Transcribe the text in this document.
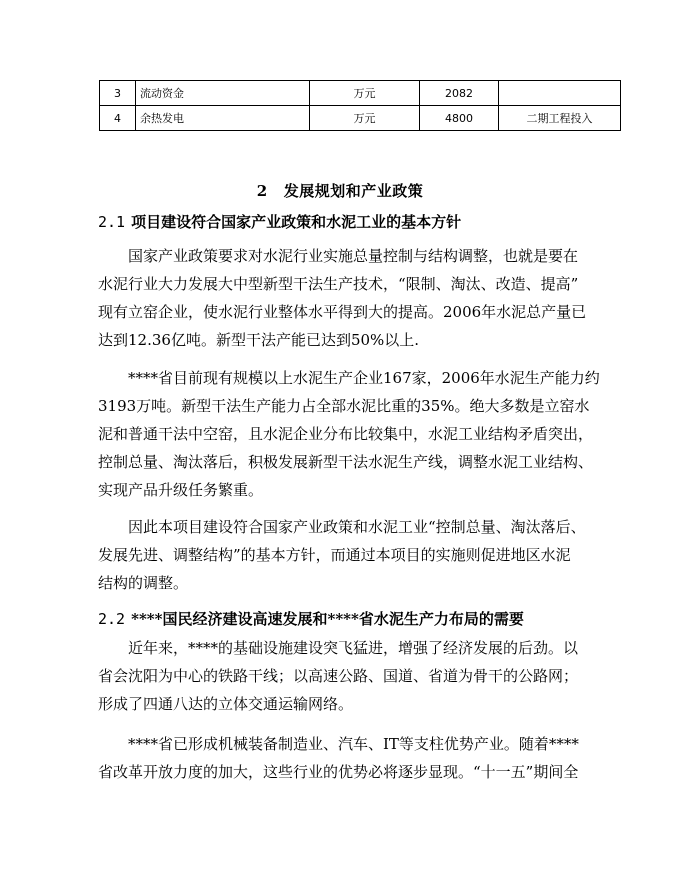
3	流动资金	万元	2082	
4	余热发电	万元	4800	二期工程投入
2 发展规划和产业政策
2.1 项目建设符合国家产业政策和水泥工业的基本方针
国家产业政策要求对水泥行业实施总量控制与结构调整，也就是要在
水泥行业大力发展大中型新型干法生产技术，“限制、淘汰、改造、提高”
现有立窑企业，使水泥行业整体水平得到大的提高。2006年水泥总产量已
达到12.36亿吨。新型干法产能已达到50%以上.
****省目前现有规模以上水泥生产企业167家，2006年水泥生产能力约
3193万吨。新型干法生产能力占全部水泥比重的35%。绝大多数是立窑水
泥和普通干法中空窑，且水泥企业分布比较集中，水泥工业结构矛盾突出，
控制总量、淘汰落后，积极发展新型干法水泥生产线，调整水泥工业结构、
实现产品升级任务繁重。
因此本项目建设符合国家产业政策和水泥工业“控制总量、淘汰落后、
发展先进、调整结构”的基本方针，而通过本项目的实施则促进地区水泥
结构的调整。
2.2 ****国民经济建设高速发展和****省水泥生产力布局的需要
近年来，****的基础设施建设突飞猛进，增强了经济发展的后劲。以
省会沈阳为中心的铁路干线；以高速公路、国道、省道为骨干的公路网；
形成了四通八达的立体交通运输网络。
****省已形成机械装备制造业、汽车、IT等支柱优势产业。随着****
省改革开放力度的加大，这些行业的优势必将逐步显现。“十一五”期间全
